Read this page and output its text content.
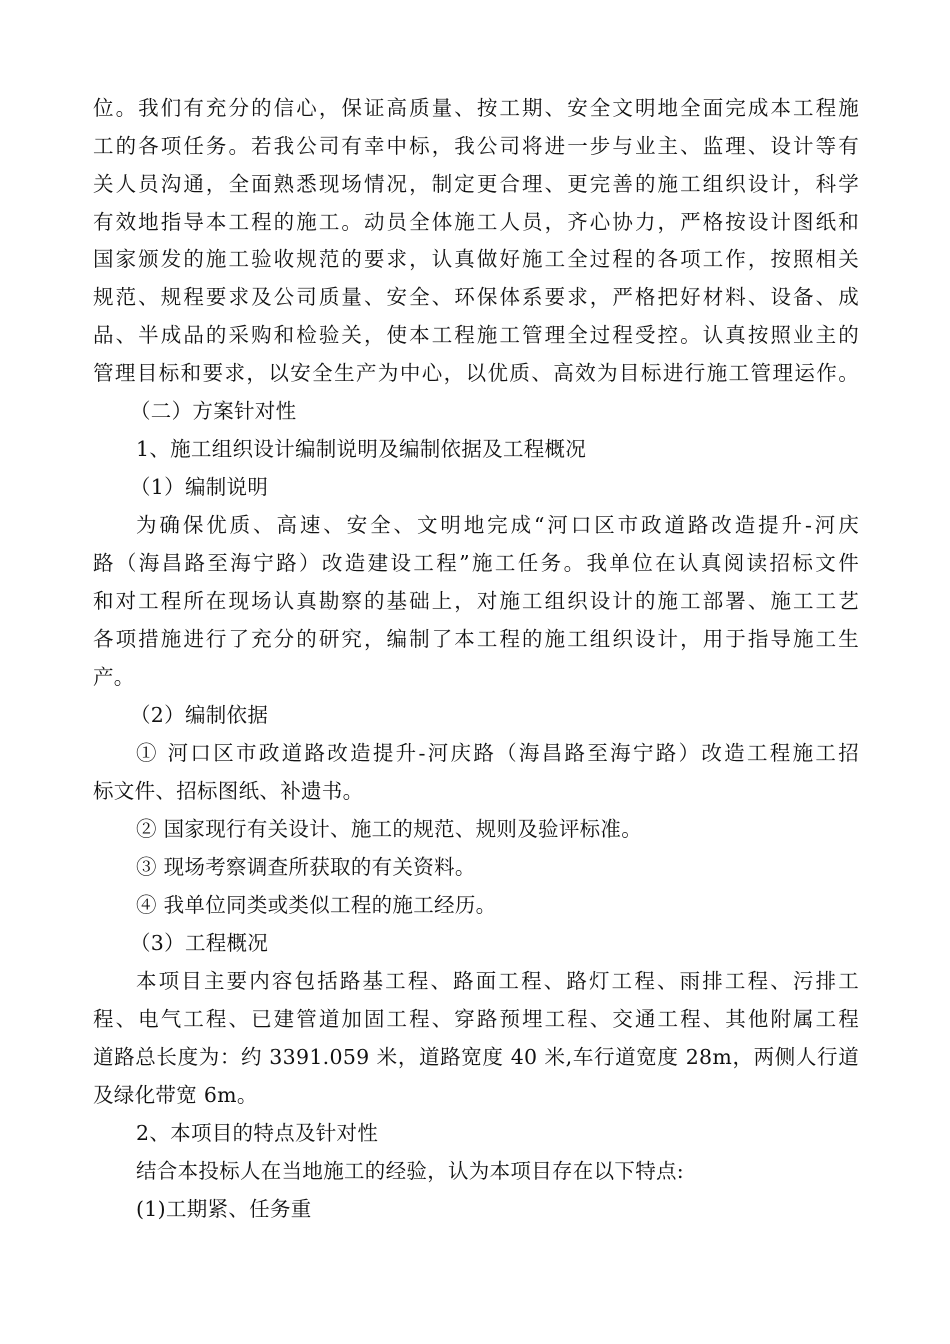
位。我们有充分的信心，保证高质量、按工期、安全文明地全面完成本工程施
工的各项任务。若我公司有幸中标，我公司将进一步与业主、监理、设计等有
关人员沟通，全面熟悉现场情况，制定更合理、更完善的施工组织设计，科学
有效地指导本工程的施工。动员全体施工人员，齐心协力，严格按设计图纸和
国家颁发的施工验收规范的要求，认真做好施工全过程的各项工作，按照相关
规范、规程要求及公司质量、安全、环保体系要求，严格把好材料、设备、成
品、半成品的采购和检验关，使本工程施工管理全过程受控。认真按照业主的
管理目标和要求，以安全生产为中心，以优质、高效为目标进行施工管理运作。
（二）方案针对性
1、施工组织设计编制说明及编制依据及工程概况
（1）编制说明
为确保优质、高速、安全、文明地完成“河口区市政道路改造提升-河庆
路（海昌路至海宁路）改造建设工程”施工任务。我单位在认真阅读招标文件
和对工程所在现场认真勘察的基础上，对施工组织设计的施工部署、施工工艺
各项措施进行了充分的研究，编制了本工程的施工组织设计，用于指导施工生
产。
（2）编制依据
① 河口区市政道路改造提升-河庆路（海昌路至海宁路）改造工程施工招
标文件、招标图纸、补遗书。
② 国家现行有关设计、施工的规范、规则及验评标准。
③ 现场考察调查所获取的有关资料。
④ 我单位同类或类似工程的施工经历。
（3）工程概况
本项目主要内容包括路基工程、路面工程、路灯工程、雨排工程、污排工
程、电气工程、已建管道加固工程、穿路预埋工程、交通工程、其他附属工程
道路总长度为：约 3391.059 米，道路宽度 40 米,车行道宽度 28m，两侧人行道
及绿化带宽 6m。
2、本项目的特点及针对性
结合本投标人在当地施工的经验，认为本项目存在以下特点:
(1)工期紧、任务重
